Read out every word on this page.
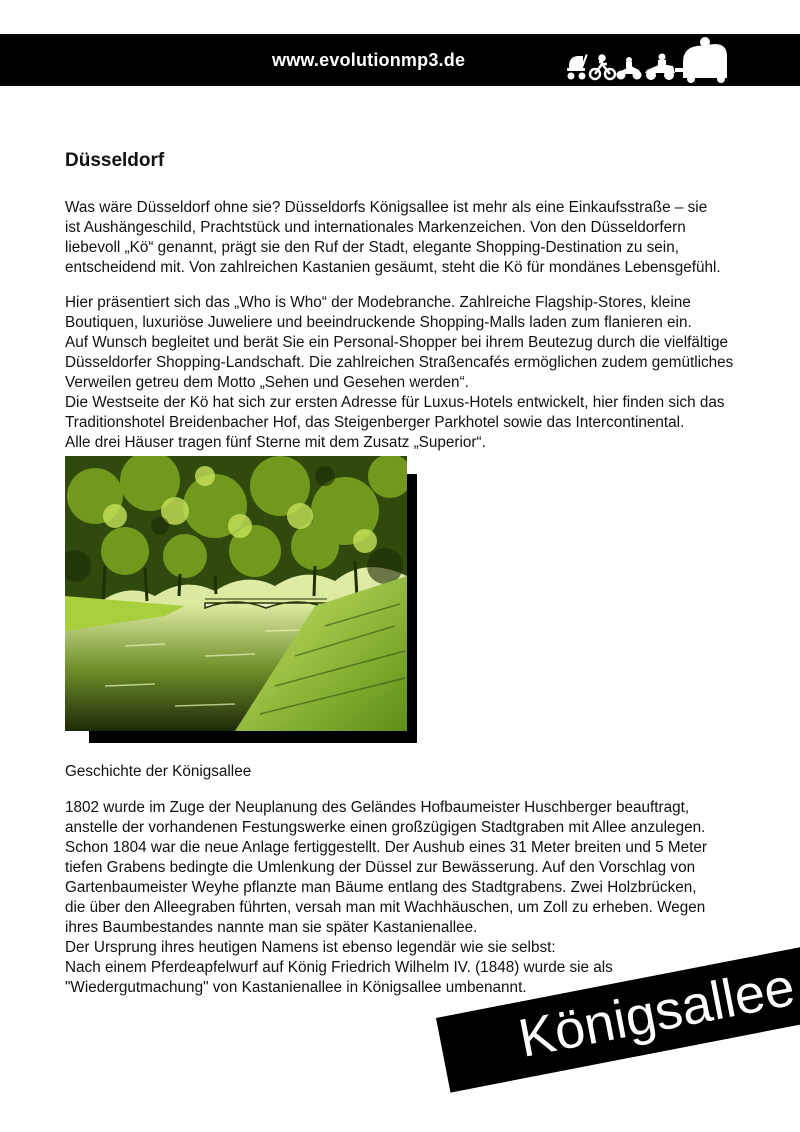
www.evolutionmp3.de
Düsseldorf

Was wäre Düsseldorf ohne sie? Düsseldorfs Königsallee ist mehr als eine Einkaufsstraße – sie
ist Aushängeschild, Prachtstück und internationales Markenzeichen. Von den Düsseldorfern
liebevoll „Kö“ genannt, prägt sie den Ruf der Stadt, elegante Shopping-Destination zu sein,
entscheidend mit. Von zahlreichen Kastanien gesäumt, steht die Kö für mondänes Lebensgefühl.

Hier präsentiert sich das „Who is Who“ der Modebranche. Zahlreiche Flagship-Stores, kleine
Boutiquen, luxuriöse Juweliere und beeindruckende Shopping-Malls laden zum flanieren ein.
Auf Wunsch begleitet und berät Sie ein Personal-Shopper bei ihrem Beutezug durch die vielfältige
Düsseldorfer Shopping-Landschaft. Die zahlreichen Straßencafés ermöglichen zudem gemütliches
Verweilen getreu dem Motto „Sehen und Gesehen werden“.
Die Westseite der Kö hat sich zur ersten Adresse für Luxus-Hotels entwickelt, hier finden sich das
Traditionshotel Breidenbacher Hof, das Steigenberger Parkhotel sowie das Intercontinental.
Alle drei Häuser tragen fünf Sterne mit dem Zusatz „Superior“.

Geschichte der Königsallee

1802 wurde im Zuge der Neuplanung des Geländes Hofbaumeister Huschberger beauftragt,
anstelle der vorhandenen Festungswerke einen großzügigen Stadtgraben mit Allee anzulegen.
Schon 1804 war die neue Anlage fertiggestellt. Der Aushub eines 31 Meter breiten und 5 Meter
tiefen Grabens bedingte die Umlenkung der Düssel zur Bewässerung. Auf den Vorschlag von
Gartenbaumeister Weyhe pflanzte man Bäume entlang des Stadtgrabens. Zwei Holzbrücken,
die über den Alleegraben führten, versah man mit Wachhäuschen, um Zoll zu erheben. Wegen
ihres Baumbestandes nannte man sie später Kastanienallee.
Der Ursprung ihres heutigen Namens ist ebenso legendär wie sie selbst:
Nach einem Pferdeapfelwurf auf König Friedrich Wilhelm IV. (1848) wurde sie als
"Wiedergutmachung" von Kastanienallee in Königsallee umbenannt.

Königsallee
